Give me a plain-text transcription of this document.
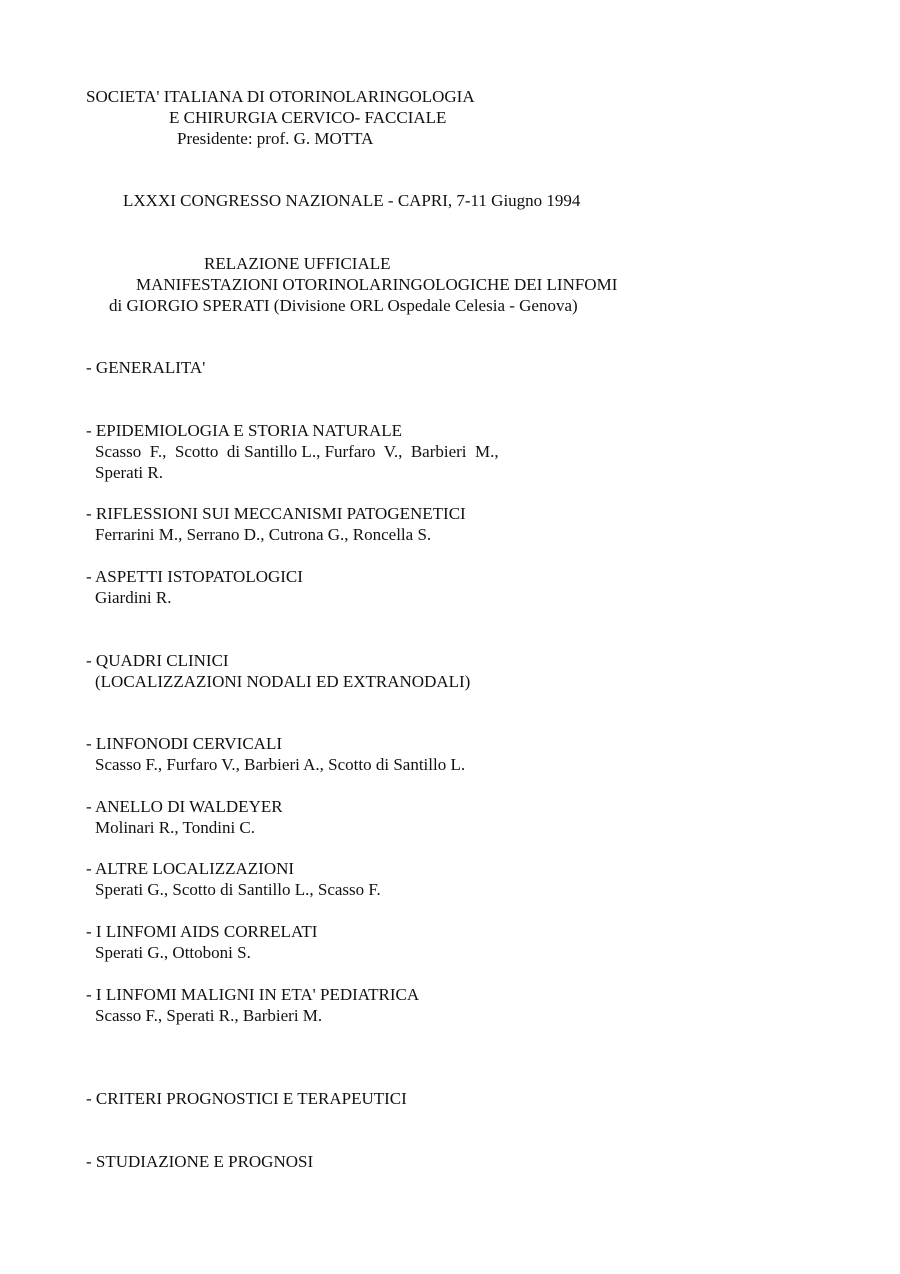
SOCIETA' ITALIANA DI OTORINOLARINGOLOGIA

E CHIRURGIA CERVICO- FACCIALE

Presidente: prof. G. MOTTA

LXXXI CONGRESSO NAZIONALE - CAPRI, 7-11 Giugno 1994

RELAZIONE UFFICIALE

MANIFESTAZIONI OTORINOLARINGOLOGICHE DEI LINFOMI

di GIORGIO SPERATI (Divisione ORL Ospedale Celesia - Genova)

- GENERALITA'

- EPIDEMIOLOGIA E STORIA NATURALE

Scasso  F.,  Scotto  di Santillo L., Furfaro  V.,  Barbieri  M.,

Sperati R.

- RIFLESSIONI SUI MECCANISMI PATOGENETICI

Ferrarini M., Serrano D., Cutrona G., Roncella S.

- ASPETTI ISTOPATOLOGICI

Giardini R.

- QUADRI CLINICI

(LOCALIZZAZIONI NODALI ED EXTRANODALI)

- LINFONODI CERVICALI

Scasso F., Furfaro V., Barbieri A., Scotto di Santillo L.

- ANELLO DI WALDEYER

Molinari R., Tondini C.

- ALTRE LOCALIZZAZIONI

Sperati G., Scotto di Santillo L., Scasso F.

- I LINFOMI AIDS CORRELATI

Sperati G., Ottoboni S.

- I LINFOMI MALIGNI IN ETA' PEDIATRICA

Scasso F., Sperati R., Barbieri M.

- CRITERI PROGNOSTICI E TERAPEUTICI

- STUDIAZIONE E PROGNOSI
